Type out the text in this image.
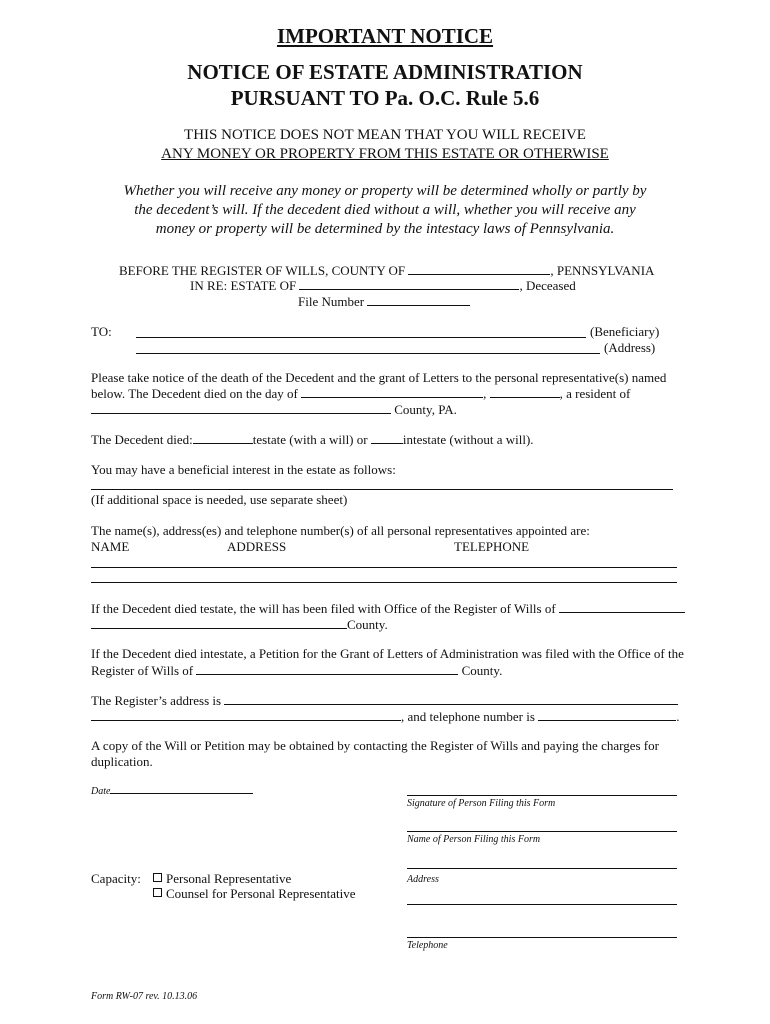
IMPORTANT NOTICE
NOTICE OF ESTATE ADMINISTRATION
PURSUANT TO Pa. O.C. Rule 5.6
THIS NOTICE DOES NOT MEAN THAT YOU WILL RECEIVE
ANY MONEY OR PROPERTY FROM THIS ESTATE OR OTHERWISE
Whether you will receive any money or property will be determined wholly or partly by
the decedent’s will. If the decedent died without a will, whether you will receive any
money or property will be determined by the intestacy laws of Pennsylvania.
BEFORE THE REGISTER OF WILLS, COUNTY OF	, PENNSYLVANIA
IN RE: ESTATE OF	, Deceased
File Number
TO:	(Beneficiary)
(Address)
Please take notice of the death of the Decedent and the grant of Letters to the personal representative(s) named
below. The Decedent died on the day of	,	, a resident of
County, PA.
The Decedent died:	testate (with a will) or	intestate (without a will).
You may have a beneficial interest in the estate as follows:
(If additional space is needed, use separate sheet)
The name(s), address(es) and telephone number(s) of all personal representatives appointed are:
NAME	ADDRESS	TELEPHONE
If the Decedent died testate, the will has been filed with Office of the Register of Wills of
County.
If the Decedent died intestate, a Petition for the Grant of Letters of Administration was filed with the Office of the
Register of Wills of	County.
The Register’s address is
, and telephone number is	.
A copy of the Will or Petition may be obtained by contacting the Register of Wills and paying the charges for
duplication.
Date
Signature of Person Filing this Form
Name of Person Filing this Form
Address
Telephone
Capacity:	Personal Representative
Counsel for Personal Representative
Form RW-07 rev. 10.13.06
